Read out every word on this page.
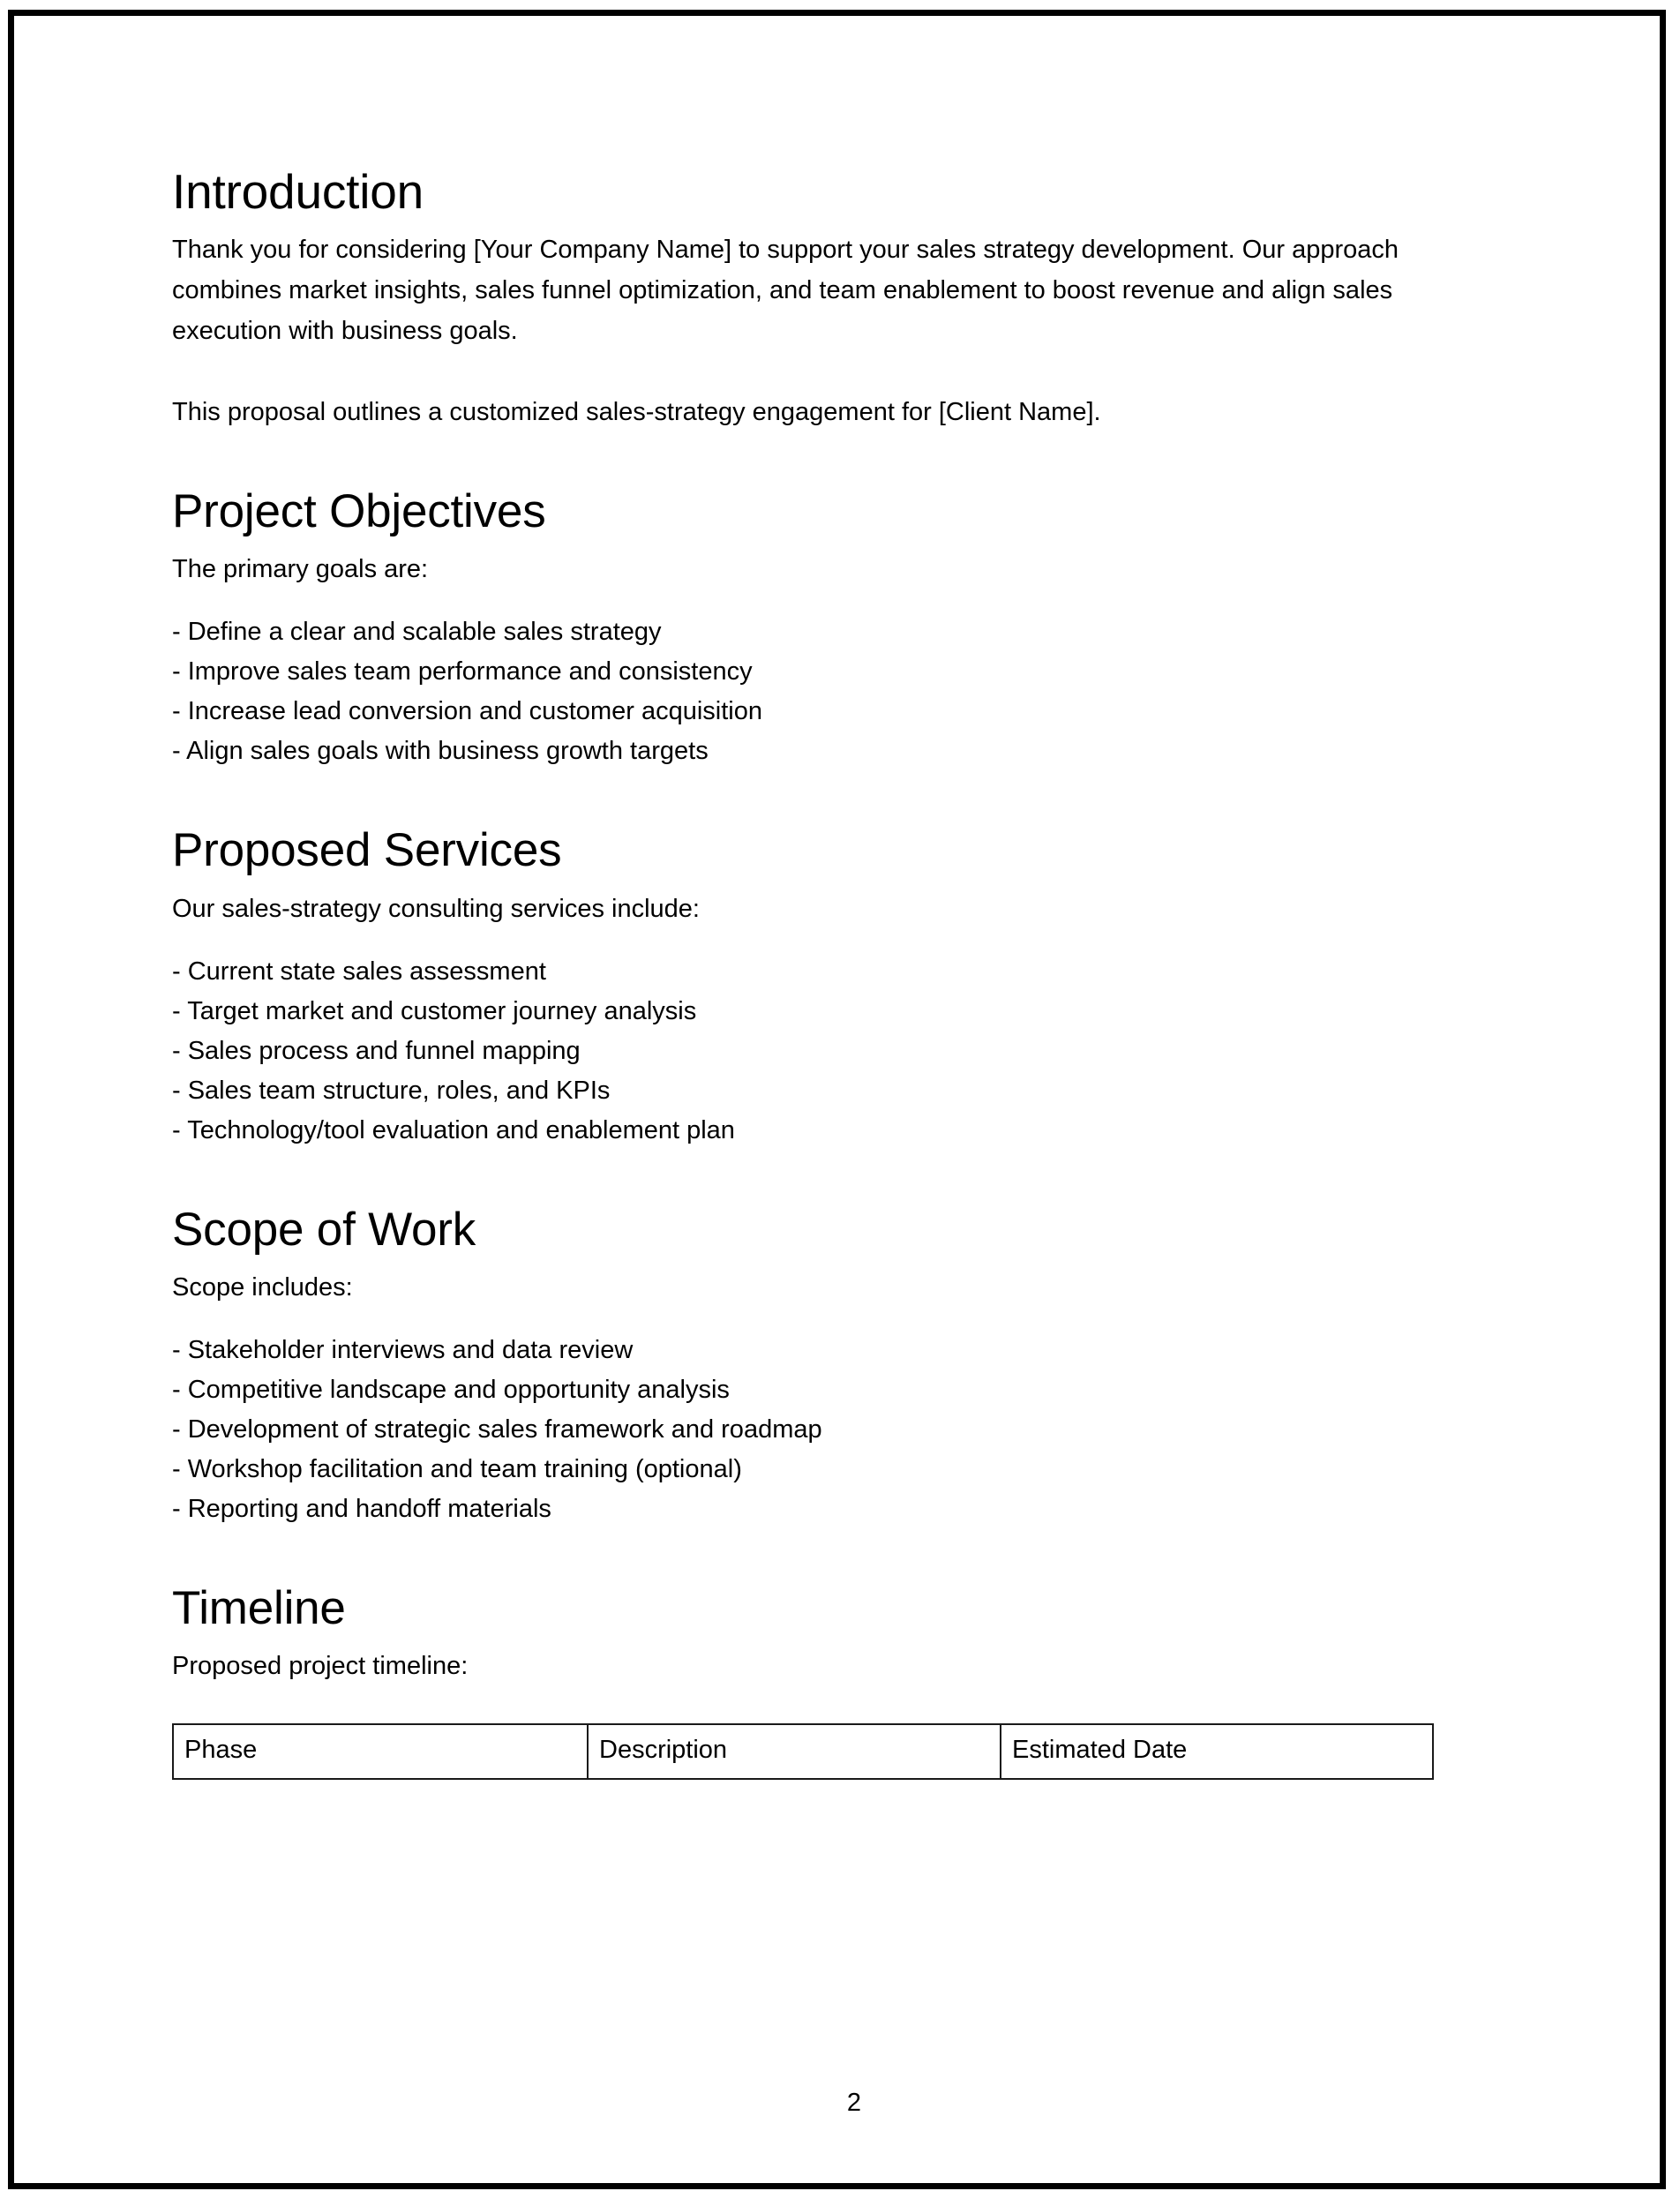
Introduction

Thank you for considering [Your Company Name] to support your sales strategy development. Our approach combines market insights, sales funnel optimization, and team enablement to boost revenue and align sales execution with business goals.

This proposal outlines a customized sales-strategy engagement for [Client Name].

Project Objectives

The primary goals are:

- Define a clear and scalable sales strategy
- Improve sales team performance and consistency
- Increase lead conversion and customer acquisition
- Align sales goals with business growth targets
Proposed Services

Our sales-strategy consulting services include:

- Current state sales assessment
- Target market and customer journey analysis
- Sales process and funnel mapping
- Sales team structure, roles, and KPIs
- Technology/tool evaluation and enablement plan
Scope of Work

Scope includes:

- Stakeholder interviews and data review
- Competitive landscape and opportunity analysis
- Development of strategic sales framework and roadmap
- Workshop facilitation and team training (optional)
- Reporting and handoff materials
Timeline

Proposed project timeline:

Phase	Description	Estimated Date
2
